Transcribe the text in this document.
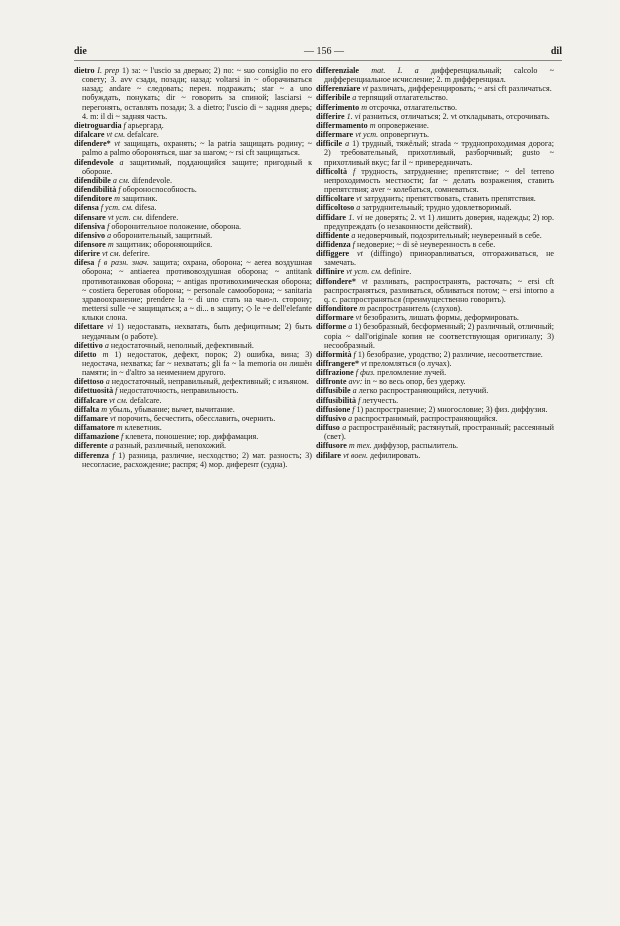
die	— 156 —	dil

dietro I. prep 1) за: ~ l'uscio за дверью; 2) по: ~ suo consiglio по его совету; 3. avv сзади, позади; назад: voltarsi in ~ оборачиваться назад; andare ~ следовать; перен. подражать; star ~ a uno побуждать, понукать; dir ~ говорить за спиной; lasciarsi ~ перегонять, оставлять позади; 3. a dietro; l'uscio di ~ задняя дверь; 4. m: il di ~ задняя часть.

dietroguardia f арьергард.

difalcare vt см. defalcare.

difendere* vt защищать, охранять; ~ la patria защищать родину; ~ palmo a palmo обороняться, шаг за шагом; ~ rsi сft защищаться.

difendevole a защитимый, поддающийся защите; пригодный к обороне.

difendibile a см. difendevole.

difendibilità f обороноспособность.

difenditore m защитник.

difensa f уст. см. difesa.

difensare vt уст. см. difendere.

difensiva f оборонительное положение, оборона.

difensivo a оборонительный, защитный.

difensore m защитник; обороняющийся.

diferire vt см. deferire.

difesa f в разн. знач. защита; охрана, оборона; ~ aerea воздушная оборона; ~ antiaerea противовоздушная оборона; ~ antitank противотанковая оборона; ~ antigas противохимическая оборона; ~ costiera береговая оборона; ~ personale самооборона; ~ sanitaria здравоохранение; prendere la ~ di uno стать на чью-л. сторону; mettersi sulle ~e защищаться; a ~ di... в защиту; ◇ le ~e dell'elefante клыки слона.

difettare vi 1) недоставать, нехватать, быть дефицитным; 2) быть неудачным (о работе).

difettivo a недостаточный, неполный, дефективный.

difetto m 1) недостаток, дефект, порок; 2) ошибка, вина; 3) недостача, нехватка; far ~ нехватать; gli fa ~ la memoria он лишён памяти; in ~ d'altro за неимением другого.

difettoso a недостаточный, неправильный, дефективный; с изъяном.

difettuosità f недостаточность, неправильность.

diffalcare vt см. defalcare.

diffalta m убыль, убывание; вычет, вычитание.

diffamare vt порочить, бесчестить, обесславить, очернить.

diffamatore m клеветник.

diffamazione f клевета, поношение; юр. диффамация.

differente a разный, различный, непохожий.

differenza f 1) разница, различие, несходство; 2) мат. разность; 3) несогласие, расхождение; распря; 4) мор. диферент (судна).

differenziale mat. I. a дифференциальный; calcolo ~ дифференциальное исчисление; 2. m дифференциал.

differenziare vt различать, дифференцировать; ~ arsi сft различаться.

differibile a терпящий отлагательство.

differimento m отсрочка, отлагательство.

differire 1. vi разниться, отличаться; 2. vt откладывать, отсрочивать.

differmamento m опровержение.

differmare vt уст. опровергнуть.

difficile a 1) трудный, тяжёлый; strada ~ труднопроходимая дорога; 2) требовательный, прихотливый, разборчивый; gusto ~ прихотливый вкус; far il ~ привередничать.

difficoltà f трудность, затруднение; препятствие; ~ del terreno непроходимость местности; far ~ делать возражения, ставить препятствия; aver ~ колебаться, сомневаться.

difficoltare vt затруднить; препятствовать, ставить препятствия.

difficoltoso a затруднительный; трудно удовлетворимый.

diffidare 1. vi не доверять; 2. vt 1) лишить доверия, надежды; 2) юр. предупреждать (о незаконности действий).

diffidente a недоверчивый, подозрительный; неуверенный в себе.

diffidenza f недоверие; ~ di sè неуверенность в себе.

diffiggere vt (diffingo) приноравливаться, отгораживаться, не замечать.

diffinire vt уст. см. definire.

diffondere* vt разливать, распространять, расточать; ~ ersi сft распространяться, разливаться, обливаться потом; ~ ersi intorno a q. c. распространяться (преимущественно говорить).

diffonditore m распространитель (слухов).

difformare vt безобразить, лишать формы, деформировать.

difforme a 1) безобразный, бесформенный; 2) различный, отличный; copia ~ dall'originale копия не соответствующая оригиналу; 3) несообразный.

difformità f 1) безобразие, уродство; 2) различие, несоответствие.

diffrangere* vt преломляться (о лучах).

diffrazione f физ. преломление лучей.

diffronte avv: in ~ во весь опор, без удержу.

diffusibile a легко распространяющийся, летучий.

diffusibilità f летучесть.

diffusione f 1) распространение; 2) многословие; 3) физ. диффузия.

diffusivo a распространимый, распространяющийся.

diffuso a распространённый; растянутый, пространный; рассеянный (свет).

diffusore m тех. диффузор, распылитель.

difilare vt воен. дефилировать.
